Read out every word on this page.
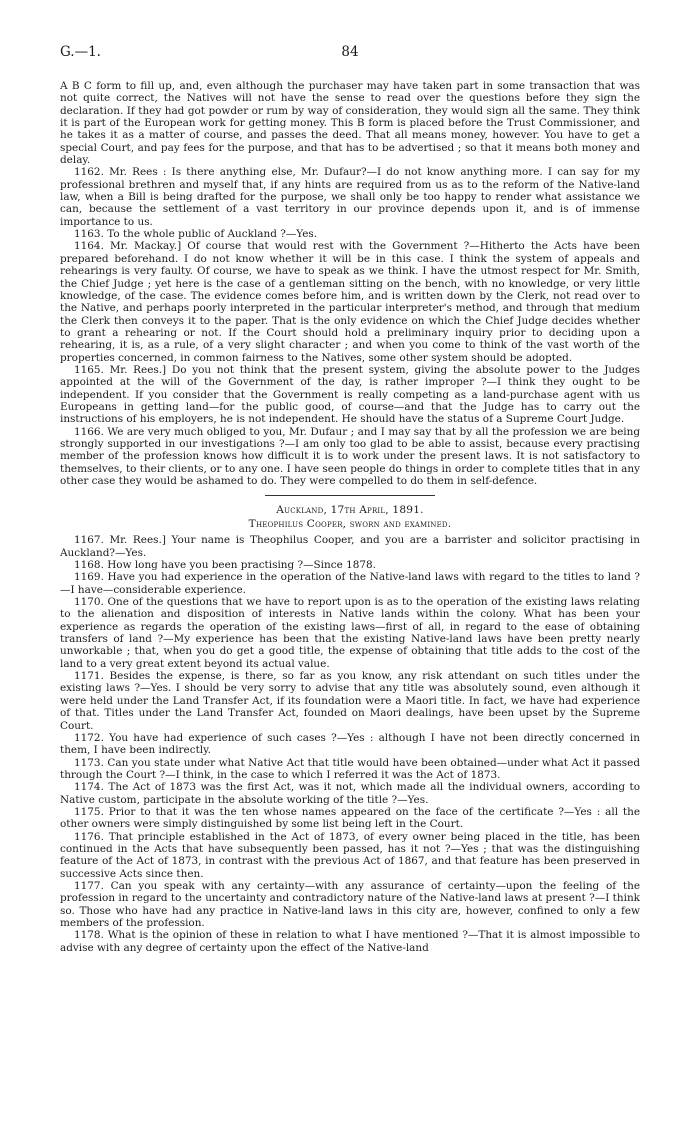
G.—1.	84

A B C form to fill up, and, even although the purchaser may have taken part in some transaction that was not quite correct, the Natives will not have the sense to read over the questions before they sign the declaration. If they had got powder or rum by way of consideration, they would sign all the same. They think it is part of the European work for getting money. This B form is placed before the Trust Commissioner, and he takes it as a matter of course, and passes the deed. That all means money, however. You have to get a special Court, and pay fees for the purpose, and that has to be advertised ; so that it means both money and delay.

1162. Mr. Rees : Is there anything else, Mr. Dufaur?—I do not know anything more. I can say for my professional brethren and myself that, if any hints are required from us as to the reform of the Native-land law, when a Bill is being drafted for the purpose, we shall only be too happy to render what assistance we can, because the settlement of a vast territory in our province depends upon it, and is of immense importance to us.

1163. To the whole public of Auckland ?—Yes.

1164. Mr. Mackay.] Of course that would rest with the Government ?—Hitherto the Acts have been prepared beforehand. I do not know whether it will be in this case. I think the system of appeals and rehearings is very faulty. Of course, we have to speak as we think. I have the utmost respect for Mr. Smith, the Chief Judge ; yet here is the case of a gentleman sitting on the bench, with no knowledge, or very little knowledge, of the case. The evidence comes before him, and is written down by the Clerk, not read over to the Native, and perhaps poorly interpreted in the particular interpreter's method, and through that medium the Clerk then conveys it to the paper. That is the only evidence on which the Chief Judge decides whether to grant a rehearing or not. If the Court should hold a preliminary inquiry prior to deciding upon a rehearing, it is, as a rule, of a very slight character ; and when you come to think of the vast worth of the properties concerned, in common fairness to the Natives, some other system should be adopted.

1165. Mr. Rees.] Do you not think that the present system, giving the absolute power to the Judges appointed at the will of the Government of the day, is rather improper ?—I think they ought to be independent. If you consider that the Government is really competing as a land-purchase agent with us Europeans in getting land—for the public good, of course—and that the Judge has to carry out the instructions of his employers, he is not independent. He should have the status of a Supreme Court Judge.

1166. We are very much obliged to you, Mr. Dufaur ; and I may say that by all the profession we are being strongly supported in our investigations ?—I am only too glad to be able to assist, because every practising member of the profession knows how difficult it is to work under the present laws. It is not satisfactory to themselves, to their clients, or to any one. I have seen people do things in order to complete titles that in any other case they would be ashamed to do. They were compelled to do them in self-defence.

Auckland, 17th April, 1891.

Theophilus Cooper, sworn and examined.

1167. Mr. Rees.] Your name is Theophilus Cooper, and you are a barrister and solicitor practising in Auckland?—Yes.

1168. How long have you been practising ?—Since 1878.

1169. Have you had experience in the operation of the Native-land laws with regard to the titles to land ?—I have—considerable experience.

1170. One of the questions that we have to report upon is as to the operation of the existing laws relating to the alienation and disposition of interests in Native lands within the colony. What has been your experience as regards the operation of the existing laws—first of all, in regard to the ease of obtaining transfers of land ?—My experience has been that the existing Native-land laws have been pretty nearly unworkable ; that, when you do get a good title, the expense of obtaining that title adds to the cost of the land to a very great extent beyond its actual value.

1171. Besides the expense, is there, so far as you know, any risk attendant on such titles under the existing laws ?—Yes. I should be very sorry to advise that any title was absolutely sound, even although it were held under the Land Transfer Act, if its foundation were a Maori title. In fact, we have had experience of that. Titles under the Land Transfer Act, founded on Maori dealings, have been upset by the Supreme Court.

1172. You have had experience of such cases ?—Yes : although I have not been directly concerned in them, I have been indirectly.

1173. Can you state under what Native Act that title would have been obtained—under what Act it passed through the Court ?—I think, in the case to which I referred it was the Act of 1873.

1174. The Act of 1873 was the first Act, was it not, which made all the individual owners, according to Native custom, participate in the absolute working of the title ?—Yes.

1175. Prior to that it was the ten whose names appeared on the face of the certificate ?—Yes : all the other owners were simply distinguished by some list being left in the Court.

1176. That principle established in the Act of 1873, of every owner being placed in the title, has been continued in the Acts that have subsequently been passed, has it not ?—Yes ; that was the distinguishing feature of the Act of 1873, in contrast with the previous Act of 1867, and that feature has been preserved in successive Acts since then.

1177. Can you speak with any certainty—with any assurance of certainty—upon the feeling of the profession in regard to the uncertainty and contradictory nature of the Native-land laws at present ?—I think so. Those who have had any practice in Native-land laws in this city are, however, confined to only a few members of the profession.

1178. What is the opinion of these in relation to what I have mentioned ?—That it is almost impossible to advise with any degree of certainty upon the effect of the Native-land
